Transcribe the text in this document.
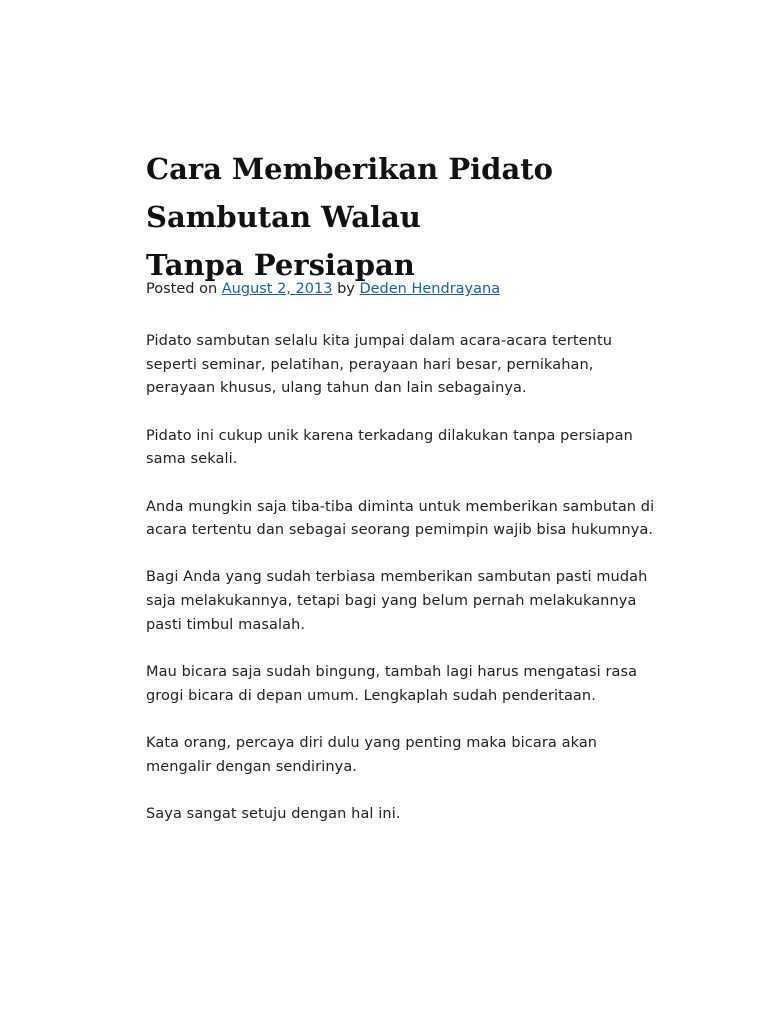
Cara Memberikan Pidato
Sambutan Walau
Tanpa Persiapan
Posted on August 2, 2013 by Deden Hendrayana

Pidato sambutan selalu kita jumpai dalam acara-acara tertentu seperti seminar, pelatihan, perayaan hari besar, pernikahan, perayaan khusus, ulang tahun dan lain sebagainya.

Pidato ini cukup unik karena terkadang dilakukan tanpa persiapan sama sekali.

Anda mungkin saja tiba-tiba diminta untuk memberikan sambutan di acara tertentu dan sebagai seorang pemimpin wajib bisa hukumnya.

Bagi Anda yang sudah terbiasa memberikan sambutan pasti mudah saja melakukannya, tetapi bagi yang belum pernah melakukannya pasti timbul masalah.

Mau bicara saja sudah bingung, tambah lagi harus mengatasi rasa grogi bicara di depan umum. Lengkaplah sudah penderitaan.

Kata orang, percaya diri dulu yang penting maka bicara akan mengalir dengan sendirinya.

Saya sangat setuju dengan hal ini.
